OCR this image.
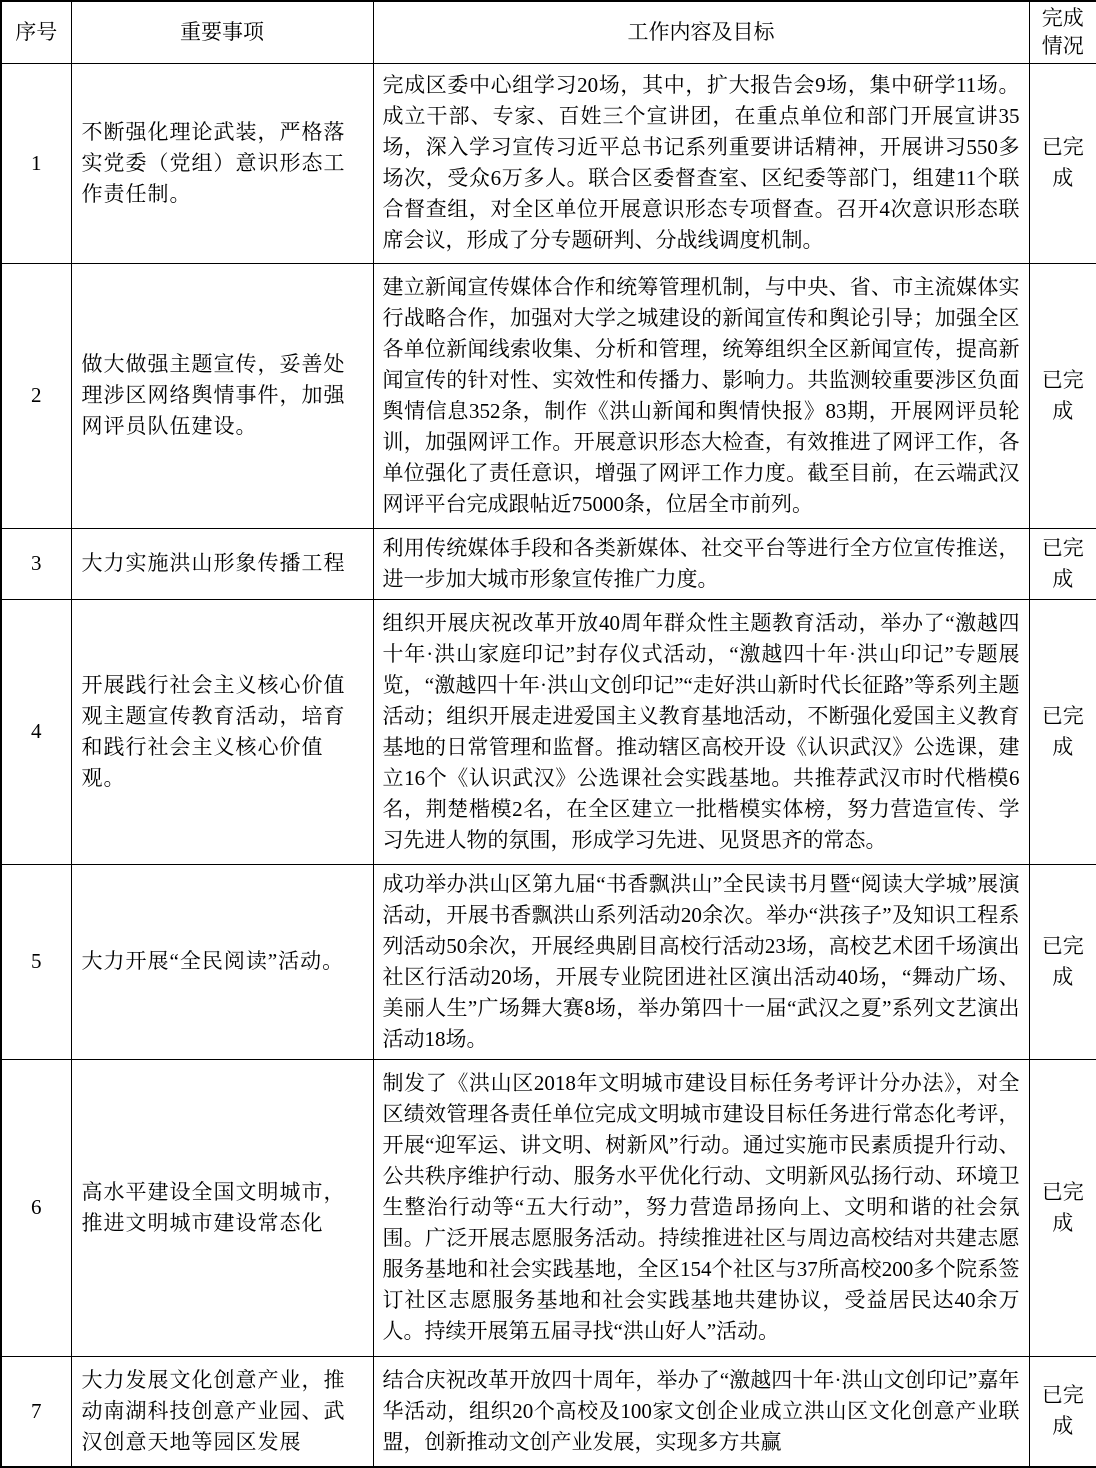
序号	重要事项	工作内容及目标	完成情况
1	不断强化理论武装，严格落实党委（党组）意识形态工作责任制。	完成区委中心组学习20场，其中，扩大报告会9场，集中研学11场。成立干部、专家、百姓三个宣讲团，在重点单位和部门开展宣讲35场，深入学习宣传习近平总书记系列重要讲话精神，开展讲习550多场次，受众6万多人。联合区委督查室、区纪委等部门，组建11个联合督查组，对全区单位开展意识形态专项督查。召开4次意识形态联席会议，形成了分专题研判、分战线调度机制。	已完成
2	做大做强主题宣传，妥善处理涉区网络舆情事件，加强网评员队伍建设。	建立新闻宣传媒体合作和统筹管理机制，与中央、省、市主流媒体实行战略合作，加强对大学之城建设的新闻宣传和舆论引导；加强全区各单位新闻线索收集、分析和管理，统筹组织全区新闻宣传，提高新闻宣传的针对性、实效性和传播力、影响力。共监测较重要涉区负面舆情信息352条，制作《洪山新闻和舆情快报》83期，开展网评员轮训，加强网评工作。开展意识形态大检查，有效推进了网评工作，各单位强化了责任意识，增强了网评工作力度。截至目前，在云端武汉网评平台完成跟帖近75000条，位居全市前列。	已完成
3	大力实施洪山形象传播工程	利用传统媒体手段和各类新媒体、社交平台等进行全方位宣传推送，进一步加大城市形象宣传推广力度。	已完成
4	开展践行社会主义核心价值观主题宣传教育活动，培育和践行社会主义核心价值观。	组织开展庆祝改革开放40周年群众性主题教育活动，举办了“激越四十年·洪山家庭印记”封存仪式活动，“激越四十年·洪山印记”专题展览，“激越四十年·洪山文创印记”“走好洪山新时代长征路”等系列主题活动；组织开展走进爱国主义教育基地活动，不断强化爱国主义教育基地的日常管理和监督。推动辖区高校开设《认识武汉》公选课，建立16个《认识武汉》公选课社会实践基地。共推荐武汉市时代楷模6名，荆楚楷模2名，在全区建立一批楷模实体榜，努力营造宣传、学习先进人物的氛围，形成学习先进、见贤思齐的常态。	已完成
5	大力开展“全民阅读”活动。	成功举办洪山区第九届“书香飘洪山”全民读书月暨“阅读大学城”展演活动，开展书香飘洪山系列活动20余次。举办“洪孩子”及知识工程系列活动50余次，开展经典剧目高校行活动23场，高校艺术团千场演出社区行活动20场，开展专业院团进社区演出活动40场，“舞动广场、美丽人生”广场舞大赛8场，举办第四十一届“武汉之夏”系列文艺演出活动18场。	已完成
6	高水平建设全国文明城市，推进文明城市建设常态化	制发了《洪山区2018年文明城市建设目标任务考评计分办法》，对全区绩效管理各责任单位完成文明城市建设目标任务进行常态化考评，开展“迎军运、讲文明、树新风”行动。通过实施市民素质提升行动、公共秩序维护行动、服务水平优化行动、文明新风弘扬行动、环境卫生整治行动等“五大行动”，努力营造昂扬向上、文明和谐的社会氛围。广泛开展志愿服务活动。持续推进社区与周边高校结对共建志愿服务基地和社会实践基地，全区154个社区与37所高校200多个院系签订社区志愿服务基地和社会实践基地共建协议，受益居民达40余万人。持续开展第五届寻找“洪山好人”活动。	已完成
7	大力发展文化创意产业，推动南湖科技创意产业园、武汉创意天地等园区发展	结合庆祝改革开放四十周年，举办了“激越四十年·洪山文创印记”嘉年华活动，组织20个高校及100家文创企业成立洪山区文化创意产业联盟，创新推动文创产业发展，实现多方共赢	已完成
